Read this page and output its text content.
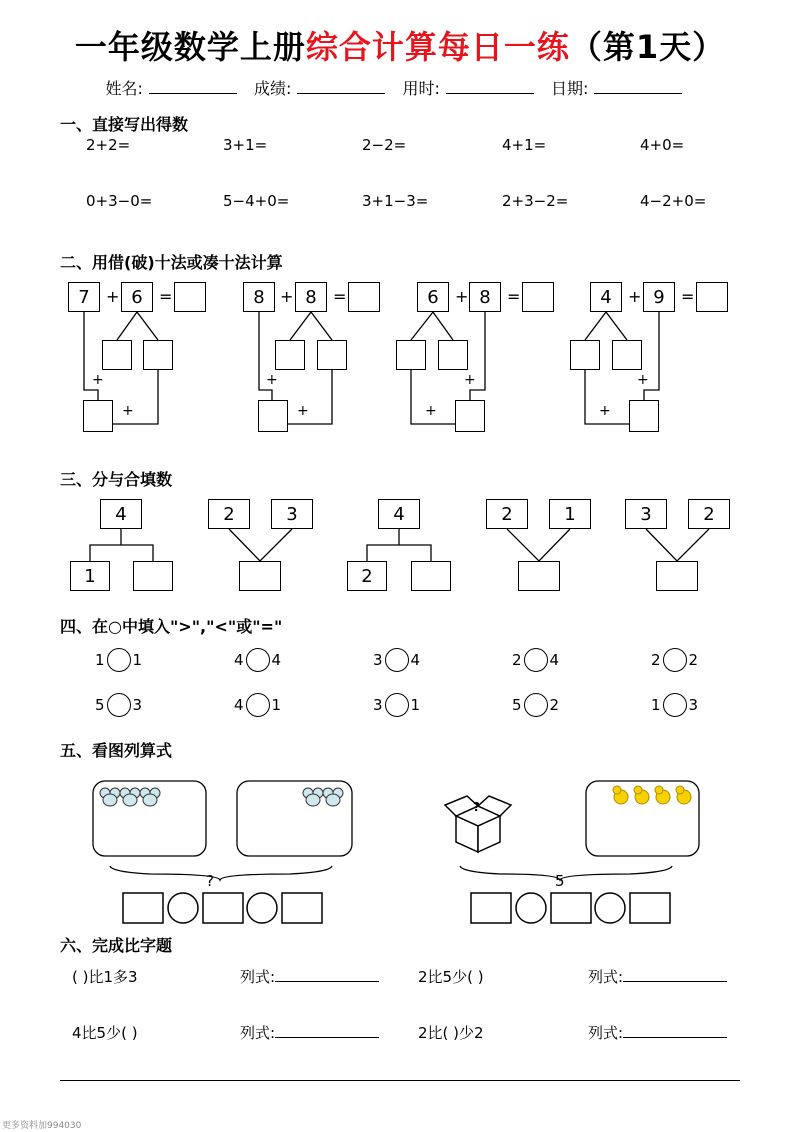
一年级数学上册综合计算每日一练（第1天）
姓名:	成绩:	用时:	日期:
一、直接写出得数
2+2=	3+1=	2−2=	4+1=	4+0=
0+3−0=	5−4+0=	3+1−3=	2+3−2=	4−2+0=
二、用借(破)十法或凑十法计算
7	+ 6	=
+
+
8 + 8	=
+
+
6	+ 8	=
+
+
4	+ 9	=
+
+
三、分与合填数
4
1
2	3	4
2
2	1	3	2
四、在○中填入">","<"或"="
1 1	4 4	3 4	2 4	2 2
5 3	4 1	3 1	5 2	1 3
五、看图列算式
?
?	5
六、完成比字题
( )比1多3	列式:	2比5少( )	列式:
4比5少( )	列式:	2比( )少2	列式:
更多资料加994030
